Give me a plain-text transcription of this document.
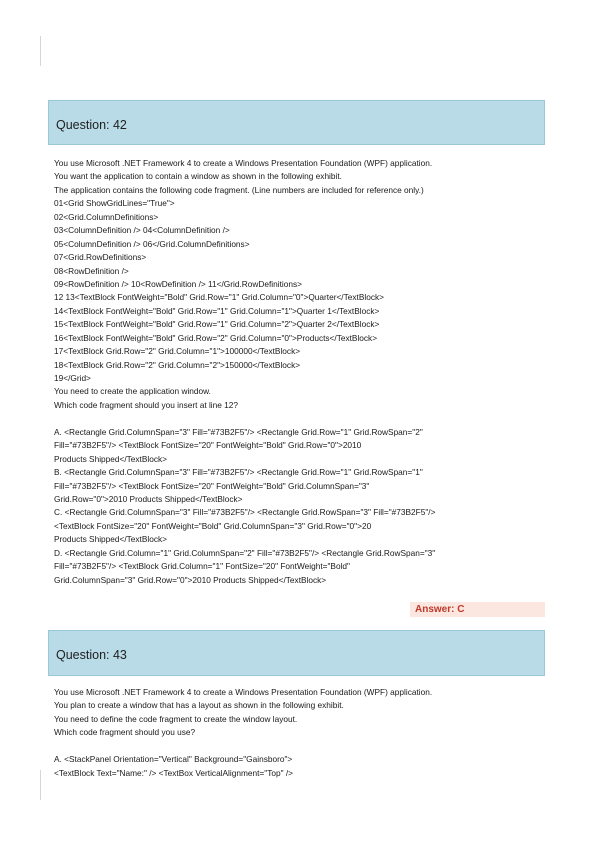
Question: 42
You use Microsoft .NET Framework 4 to create a Windows Presentation Foundation (WPF) application.
You want the application to contain a window as shown in the following exhibit.
The application contains the following code fragment. (Line numbers are included for reference only.)
01<Grid ShowGridLines="True">
02<Grid.ColumnDefinitions>
03<ColumnDefinition /> 04<ColumnDefinition />
05<ColumnDefinition /> 06</Grid.ColumnDefinitions>
07<Grid.RowDefinitions>
08<RowDefinition />
09<RowDefinition /> 10<RowDefinition /> 11</Grid.RowDefinitions>
12 13<TextBlock FontWeight="Bold" Grid.Row="1" Grid.Column="0">Quarter</TextBlock>
14<TextBlock FontWeight="Bold" Grid.Row="1" Grid.Column="1">Quarter 1</TextBlock>
15<TextBlock FontWeight="Bold" Grid.Row="1" Grid.Column="2">Quarter 2</TextBlock>
16<TextBlock FontWeight="Bold" Grid.Row="2" Grid.Column="0">Products</TextBlock>
17<TextBlock Grid.Row="2" Grid.Column="1">100000</TextBlock>
18<TextBlock Grid.Row="2" Grid.Column="2">150000</TextBlock>
19</Grid>
You need to create the application window.
Which code fragment should you insert at line 12?
A. <Rectangle Grid.ColumnSpan="3" Fill="#73B2F5"/> <Rectangle Grid.Row="1" Grid.RowSpan="2"
Fill="#73B2F5"/> <TextBlock FontSize="20" FontWeight="Bold" Grid.Row="0">2010
Products Shipped</TextBlock>
B. <Rectangle Grid.ColumnSpan="3" Fill="#73B2F5"/> <Rectangle Grid.Row="1" Grid.RowSpan="1"
Fill="#73B2F5"/> <TextBlock FontSize="20" FontWeight="Bold" Grid.ColumnSpan="3"
Grid.Row="0">2010 Products Shipped</TextBlock>
C. <Rectangle Grid.ColumnSpan="3" Fill="#73B2F5"/> <Rectangle Grid.RowSpan="3" Fill="#73B2F5"/>
<TextBlock FontSize="20" FontWeight="Bold" Grid.ColumnSpan="3" Grid.Row="0">20
Products Shipped</TextBlock>
D. <Rectangle Grid.Column="1" Grid.ColumnSpan="2" Fill="#73B2F5"/> <Rectangle Grid.RowSpan="3"
Fill="#73B2F5"/> <TextBlock Grid.Column="1" FontSize="20" FontWeight="Bold"
Grid.ColumnSpan="3" Grid.Row="0">2010 Products Shipped</TextBlock>
Answer: C
Question: 43
You use Microsoft .NET Framework 4 to create a Windows Presentation Foundation (WPF) application.
You plan to create a window that has a layout as shown in the following exhibit.
You need to define the code fragment to create the window layout.
Which code fragment should you use?
A. <StackPanel Orientation="Vertical" Background="Gainsboro">
<TextBlock Text="Name:" /> <TextBox VerticalAlignment="Top" />
